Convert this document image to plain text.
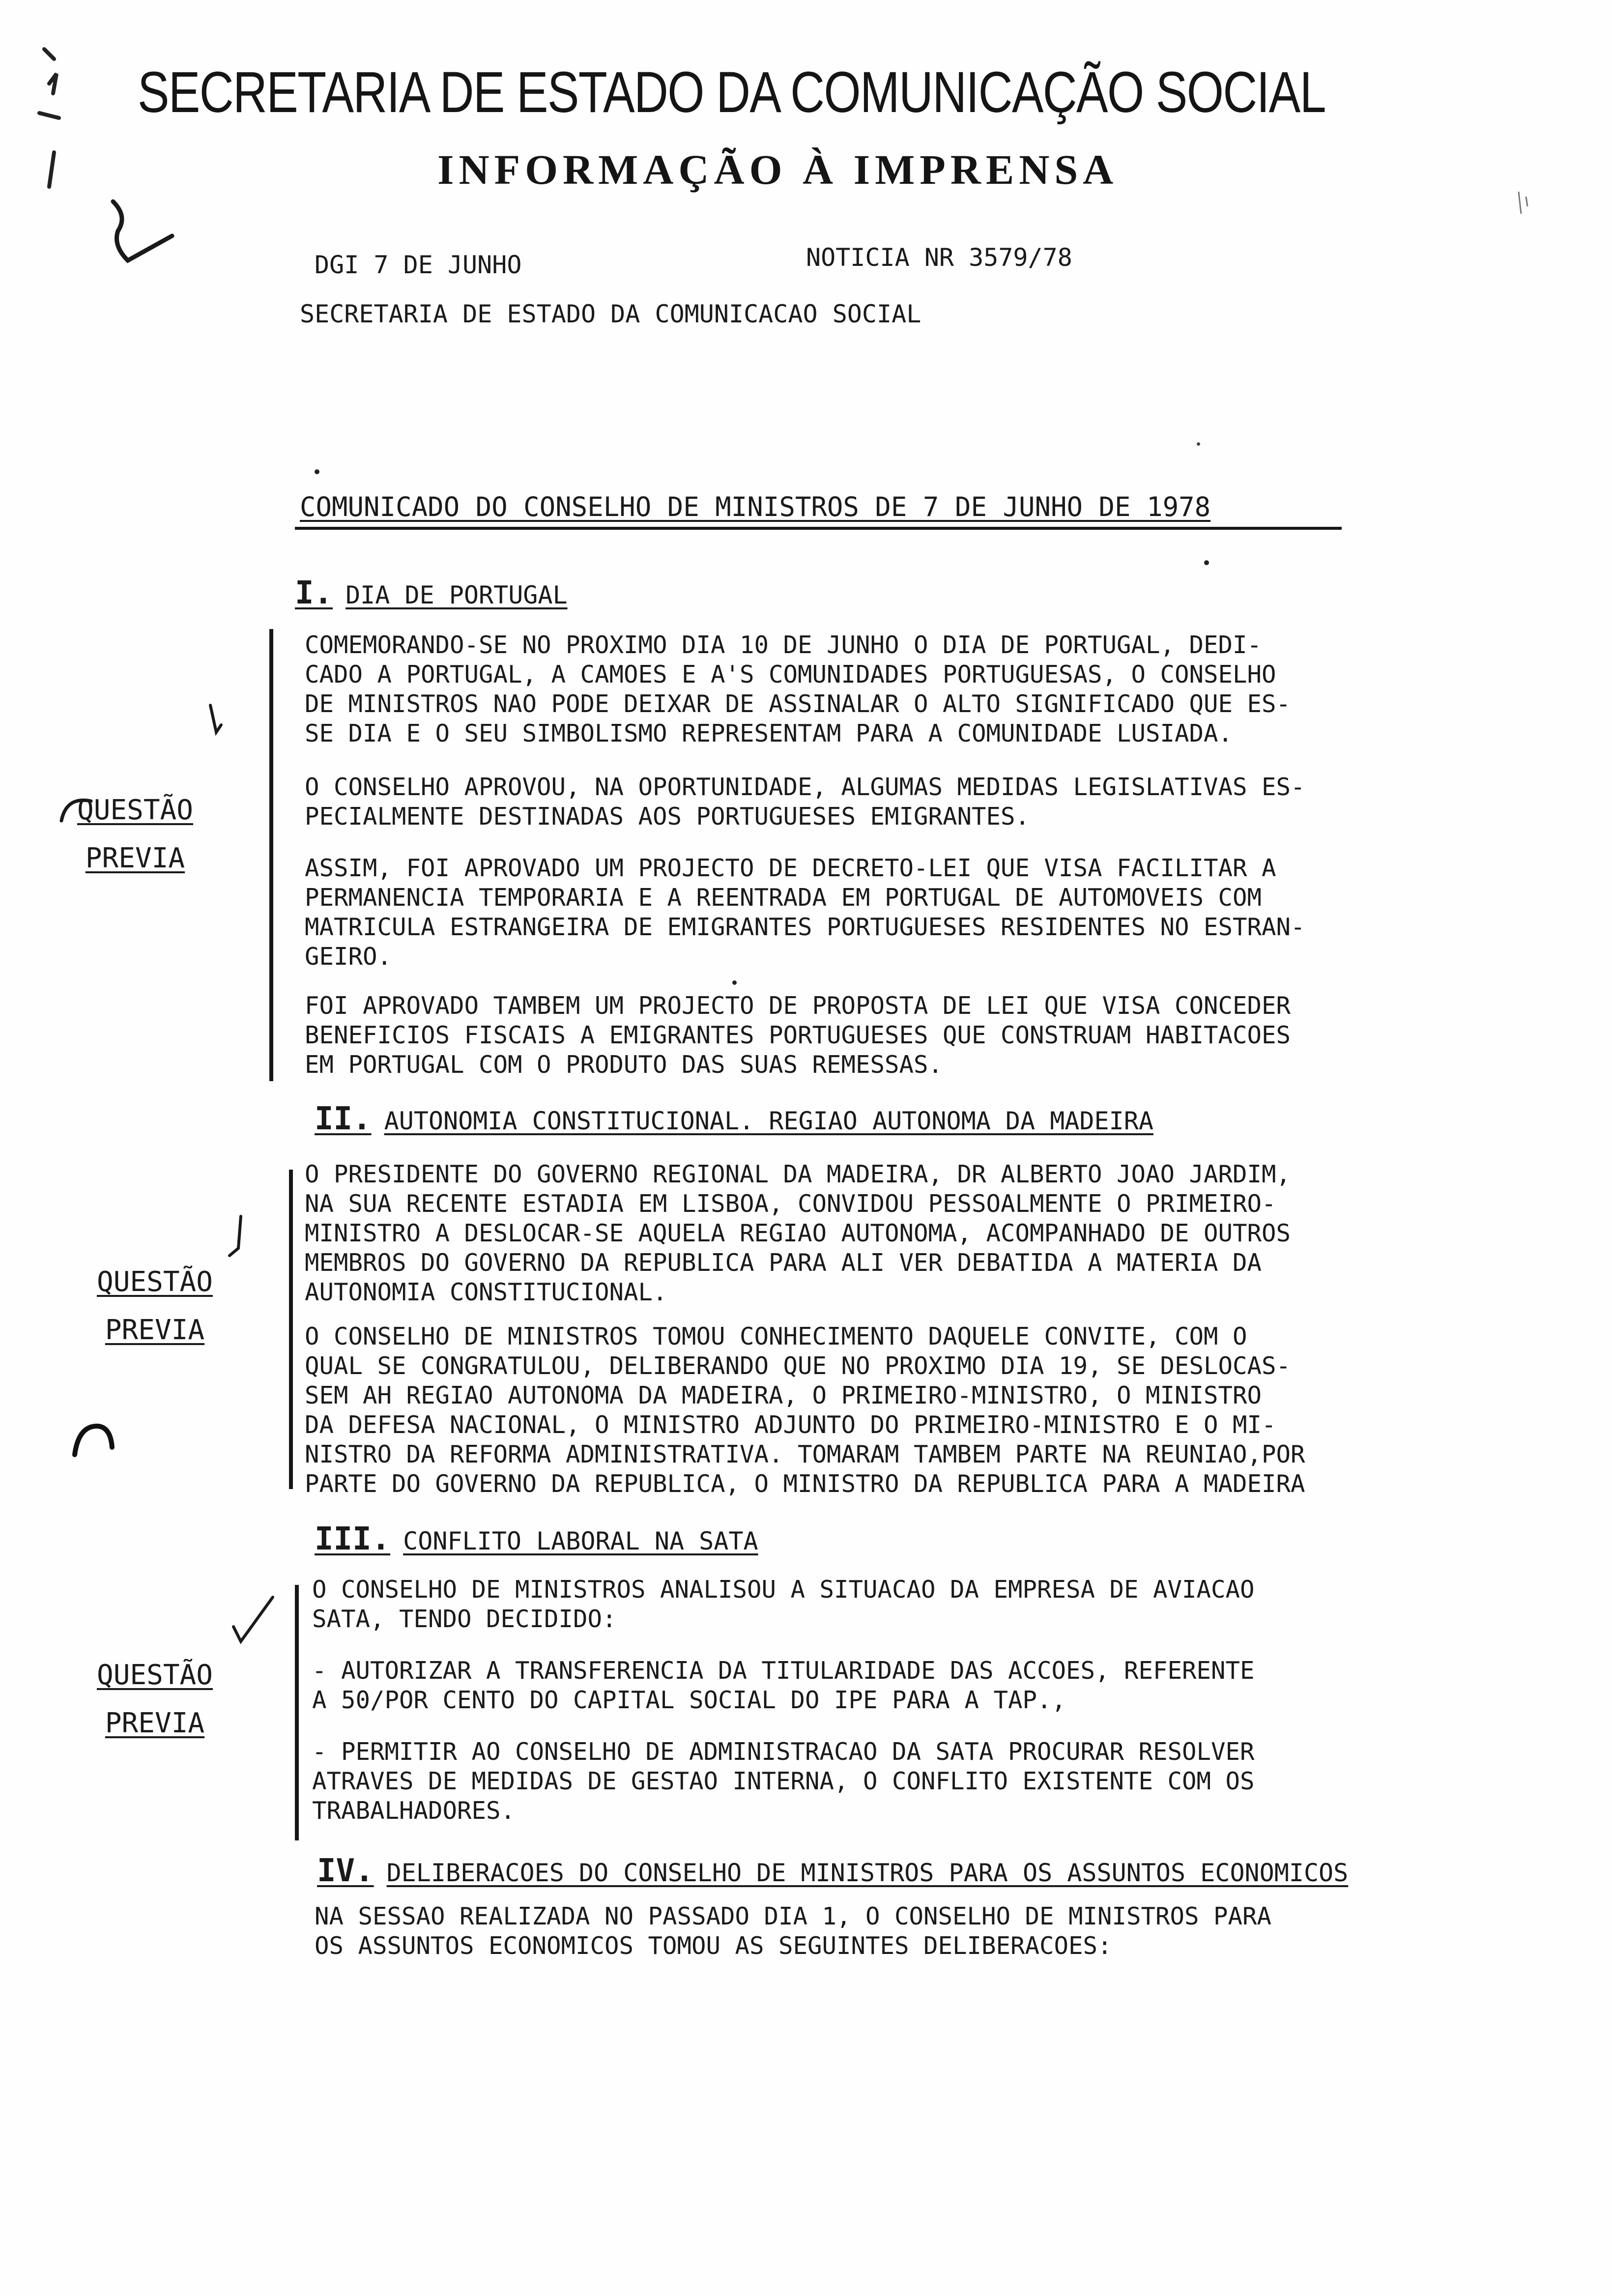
SECRETARIA DE ESTADO DA COMUNICAÇÃO SOCIAL
INFORMAÇÃO À IMPRENSA
DGI 7 DE JUNHO	NOTICIA NR 3579/78
SECRETARIA DE ESTADO DA COMUNICACAO SOCIAL
COMUNICADO DO CONSELHO DE MINISTROS DE 7 DE JUNHO DE 1978
I. DIA DE PORTUGAL
COMEMORANDO-SE NO PROXIMO DIA 10 DE JUNHO O DIA DE PORTUGAL, DEDI-
CADO A PORTUGAL, A CAMOES E A'S COMUNIDADES PORTUGUESAS, O CONSELHO
DE MINISTROS NAO PODE DEIXAR DE ASSINALAR O ALTO SIGNIFICADO QUE ES-
SE DIA E O SEU SIMBOLISMO REPRESENTAM PARA A COMUNIDADE LUSIADA.
O CONSELHO APROVOU, NA OPORTUNIDADE, ALGUMAS MEDIDAS LEGISLATIVAS ES-
PECIALMENTE DESTINADAS AOS PORTUGUESES EMIGRANTES.
ASSIM, FOI APROVADO UM PROJECTO DE DECRETO-LEI QUE VISA FACILITAR A
PERMANENCIA TEMPORARIA E A REENTRADA EM PORTUGAL DE AUTOMOVEIS COM
MATRICULA ESTRANGEIRA DE EMIGRANTES PORTUGUESES RESIDENTES NO ESTRAN-
GEIRO.
FOI APROVADO TAMBEM UM PROJECTO DE PROPOSTA DE LEI QUE VISA CONCEDER
BENEFICIOS FISCAIS A EMIGRANTES PORTUGUESES QUE CONSTRUAM HABITACOES
EM PORTUGAL COM O PRODUTO DAS SUAS REMESSAS.
QUESTÃO
PREVIA
II. AUTONOMIA CONSTITUCIONAL. REGIAO AUTONOMA DA MADEIRA
O PRESIDENTE DO GOVERNO REGIONAL DA MADEIRA, DR ALBERTO JOAO JARDIM,
NA SUA RECENTE ESTADIA EM LISBOA, CONVIDOU PESSOALMENTE O PRIMEIRO-
MINISTRO A DESLOCAR-SE AQUELA REGIAO AUTONOMA, ACOMPANHADO DE OUTROS
MEMBROS DO GOVERNO DA REPUBLICA PARA ALI VER DEBATIDA A MATERIA DA
AUTONOMIA CONSTITUCIONAL.
O CONSELHO DE MINISTROS TOMOU CONHECIMENTO DAQUELE CONVITE, COM O
QUAL SE CONGRATULOU, DELIBERANDO QUE NO PROXIMO DIA 19, SE DESLOCAS-
SEM AH REGIAO AUTONOMA DA MADEIRA, O PRIMEIRO-MINISTRO, O MINISTRO
DA DEFESA NACIONAL, O MINISTRO ADJUNTO DO PRIMEIRO-MINISTRO E O MI-
NISTRO DA REFORMA ADMINISTRATIVA. TOMARAM TAMBEM PARTE NA REUNIAO,POR
PARTE DO GOVERNO DA REPUBLICA, O MINISTRO DA REPUBLICA PARA A MADEIRA
QUESTÃO
PREVIA
III. CONFLITO LABORAL NA SATA
O CONSELHO DE MINISTROS ANALISOU A SITUACAO DA EMPRESA DE AVIACAO
SATA, TENDO DECIDIDO:
- AUTORIZAR A TRANSFERENCIA DA TITULARIDADE DAS ACCOES, REFERENTE
A 50/POR CENTO DO CAPITAL SOCIAL DO IPE PARA A TAP.,
- PERMITIR AO CONSELHO DE ADMINISTRACAO DA SATA PROCURAR RESOLVER
ATRAVES DE MEDIDAS DE GESTAO INTERNA, O CONFLITO EXISTENTE COM OS
TRABALHADORES.
QUESTÃO
PREVIA
IV. DELIBERACOES DO CONSELHO DE MINISTROS PARA OS ASSUNTOS ECONOMICOS
NA SESSAO REALIZADA NO PASSADO DIA 1, O CONSELHO DE MINISTROS PARA
OS ASSUNTOS ECONOMICOS TOMOU AS SEGUINTES DELIBERACOES:
